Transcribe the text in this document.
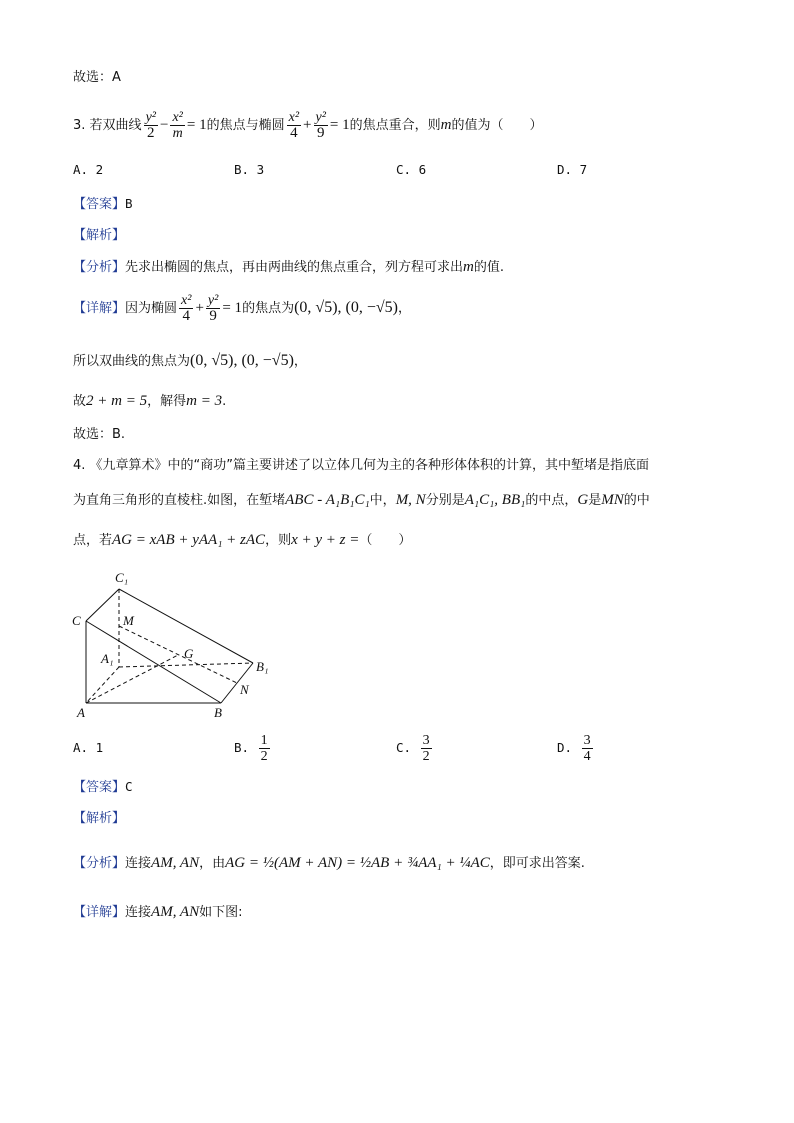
故选：A
3. 若双曲线 $\frac{\text{y²}}{2} - \frac{\text{x²}}{m} = 1$的焦点与椭圆 $\frac{\text{x²}}{4} + \frac{\text{y²}}{9} = 1$的焦点重合，则m的值为（　　）
A. 2	B. 3	C. 6	D. 7
【答案】B
【解析】
【分析】先求出椭圆的焦点，再由两曲线的焦点重合，列方程可求出m的值.
【详解】因为椭圆 $\frac{\text{x²}}{4} + \frac{\text{y²}}{9} = 1$的焦点为(0, √5), (0, −√5)，
所以双曲线的焦点为(0, √5), (0, −√5)，
故2 + m = 5，解得m = 3.
故选：B.
4. 《九章算术》中的“商功”篇主要讲述了以立体几何为主的各种形体体积的计算，其中堑堵是指底面
为直角三角形的直棱柱.如图，在堑堵ABC - A₁B₁C₁中，M, N分别是A₁C₁, BB₁的中点，G是MN的中
点，若AG = xAB + yAA₁ + zAC，则x + y + z =（　　）
C₁
C	M
A₁	G
B₁
N
A	B
A. 1	B. $\frac{1}{2}$	C. $\frac{3}{2}$	D. $\frac{3}{4}$
【答案】C
【解析】
【分析】连接AM, AN，由AG = ½(AM + AN) = ½AB + ¾AA₁ + ¼AC，即可求出答案.
【详解】连接AM, AN如下图:
